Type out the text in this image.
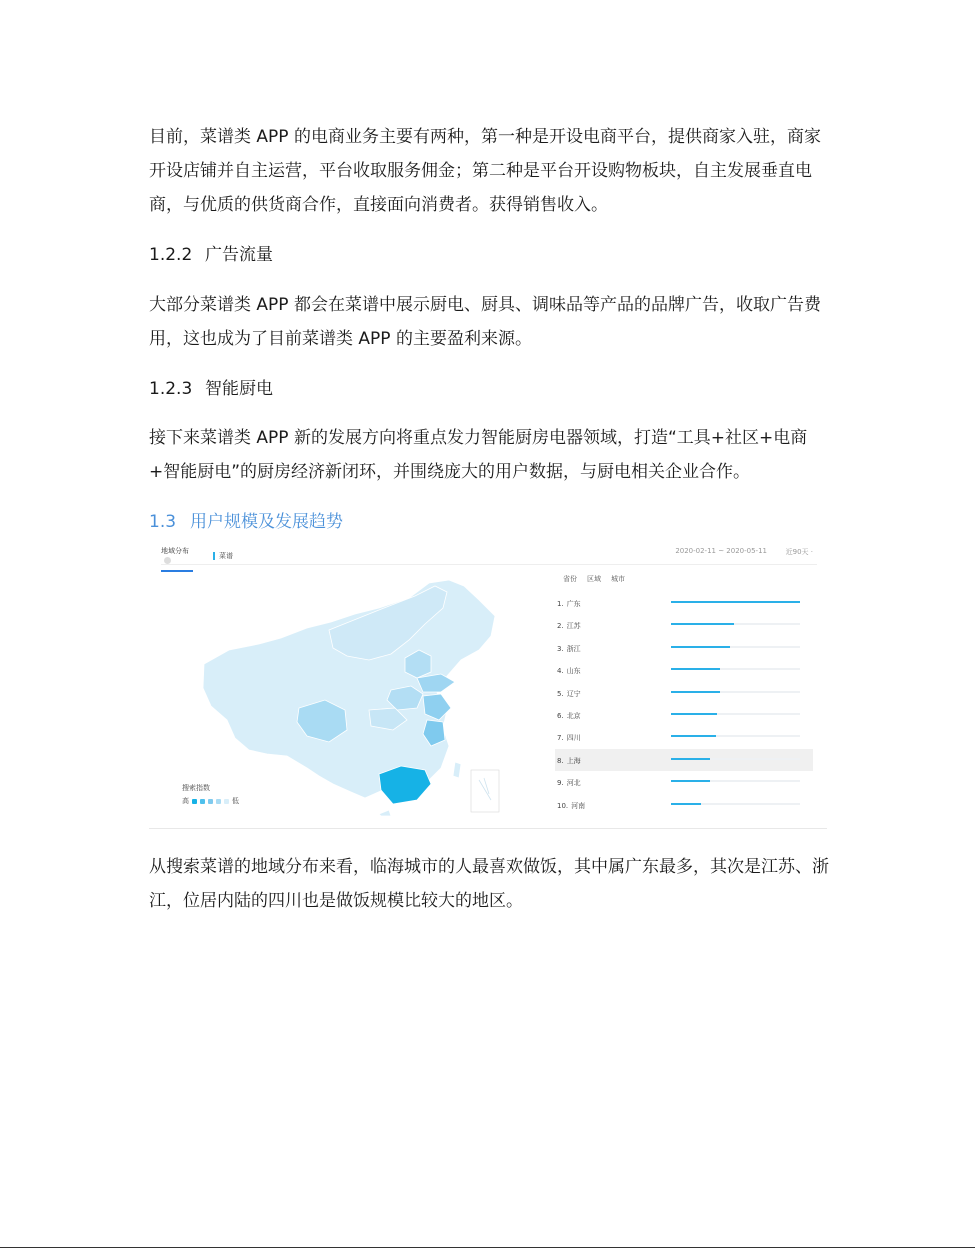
目前，菜谱类 APP 的电商业务主要有两种，第一种是开设电商平台，提供商家入驻，商家开设店铺并自主运营，平台收取服务佣金；第二种是平台开设购物板块，自主发展垂直电商，与优质的供货商合作，直接面向消费者。获得销售收入。

1.2.2 广告流量

大部分菜谱类 APP 都会在菜谱中展示厨电、厨具、调味品等产品的品牌广告，收取广告费用，这也成为了目前菜谱类 APP 的主要盈利来源。

1.2.3 智能厨电

接下来菜谱类 APP 新的发展方向将重点发力智能厨房电器领域，打造“工具+社区+电商+智能厨电”的厨房经济新闭环，并围绕庞大的用户数据，与厨电相关企业合作。

1.3 用户规模及发展趋势

地域分布
菜谱
2020-02-11 ~ 2020-05-11	近90天 ·
搜索指数
高	低
省份 区域 城市
1. 广东
2. 江苏
3. 浙江
4. 山东
5. 辽宁
6. 北京
7. 四川
8. 上海
9. 河北
10. 河南

从搜索菜谱的地域分布来看，临海城市的人最喜欢做饭，其中属广东最多，其次是江苏、浙江，位居内陆的四川也是做饭规模比较大的地区。
